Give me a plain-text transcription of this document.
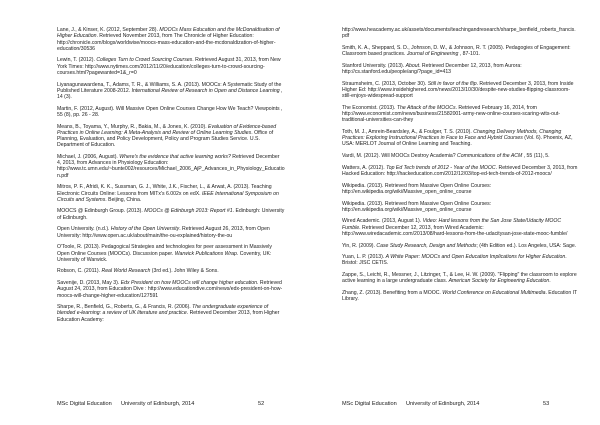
Lane, J., & Kinser, K. (2012, September 28). MOOCs Mass Education and the McDonaldisation of Higher Education. Retrieved November 2013, from The Chronicle of Higher Education: http://chronicle.com/blogs/worldwise/moocs-mass-education-and-the-mcdonaldization-of-higher-education/30536

Lewin, T. (2012). Colleges Turn to Crowd Sourcing Courses. Retrieved August 31, 2013, from New York Times: http://www.nytimes.com/2012/11/20/education/colleges-turn-to-crowd-sourcing-courses.html?pagewanted=1&_r=0

Liyanagunawardena, T., Adams, T. R., & Williams, S. A. (2013). MOOCs: A Systematic Study of the Published Literature 2008-2012. International Review of Research in Open and Distance Learning , 14 (3).

Martin, F. (2012, August). Will Massive Open Online Courses Change How We Teach? Viewpoints , 55 (8), pp. 26 - 28.

Means, B., Toyama, Y., Murphy, R., Bakia, M., & Jones, K. (2010). Evaluation of Evidence-based Practices in Online Learning: A Meta-Analysis and Review of Online Learning Studies. Office of Planning, Evaluation, and Policy Development, Policy and Program Studies Service. U.S. Department of Education.

Michael, J. (2006, August). Where's the evidence that active learning works? Retrieved December 4, 2013, from Advances in Physiology Education: http://www.tc.umn.edu/~bunte002/resources/Michael_2006_AjP_Advances_in_Physiology_Education.pdf

Mitros, P. F., Afridi, K. K., Sussman, G. J., White, J.K., Fischer, L., & Arwat, A. (2013). Teaching Electronic Circuits Online: Lessons from MITx's 6.002x on edX. IEEE International Symposium on Circuits and Systems. Beijing, China.

MOOCS @ Edinburgh Group. (2013). MOOCs @ Edinburgh 2013: Report #1. Edinburgh: University of Edinburgh.

Open University. (n.d.). History of the Open University. Retrieved August 26, 2013, from Open University: http://www.open.ac.uk/about/main/the-ou-explained/history-the-ou

O'Toole, R. (2013). Pedagogical Strategies and technologies for peer assessment in Massively Open Online Courses (MOOCs). Discussion paper. Warwick Publications Wrap. Coventry, UK: University of Warwick.

Robson, C. (2011). Real World Research (3rd ed.). John Wiley & Sons.

Savenije, D. (2013, May 3). Edx President on how MOOCs will change higher education. Retrieved August 24, 2013, from Education Dive : http://www.educationdive.com/news/edx-president-on-how-moocs-will-change-higher-education/127591

Sharpe, R., Benfield, G., Roberts, G., & Francis, R. (2006). The undergraduate experience of blended e-learning: a review of UK literature and practice. Retrieved December 2013, from Higher Education Academy:

MSc Digital Education University of Edinburgh, 2014	52

http://www.heacademy.ac.uk/assets/documents/teachingandresearch/sharpe_benfield_roberts_francis.pdf

Smith, K. A., Sheppard, S. D., Johnson, D. W., & Johnson, R. T. (2005). Pedagogies of Engagement: Classroom based practices. Journal of Engineering , 87-101.

Stanford University. (2013). About. Retrieved December 12, 2013, from Aurora: http://cs.stanford.edu/people/ang/?page_id=413

Straumsheim, C. (2013, October 30). Still in favor of the flip. Retrieved December 3, 2013, from Inside Higher Ed: http://www.insidehighered.com/news/2013/10/30/despite-new-studies-flipping-classroom-still-enjoys-widespread-support

The Economist. (2013). The Attack of the MOOCs. Retrieved February 16, 2014, from http://www.economist.com/news/business/21582001-army-new-online-courses-scaring-wits-out-traditional-universities-can-they

Toth, M. J., Amrein-Beardsley, A., & Foulger, T. S. (2010). Changing Delivery Methods, Changing Practices: Exploring Instructional Practices in Face to Face and Hybrid Courses (Vol. 6). Phoenix, AZ, USA: MERLOT Journal of Online Learning and Teaching.

Vardi, M. (2012). Will MOOCs Destroy Academia? Communications of the ACM , 55 (11), 5.

Watters, A. (2012). Top Ed Tech trends of 2012 - Year of the MOOC. Retrieved December 3, 2013, from Hacked Education: http://hackeducation.com/2012/12/03/top-ed-tech-trends-of-2012-moocs/

Wikipedia. (2013). Retrieved from Massive Open Online Courses: http://en.wikipedia.org/wiki/Massive_open_online_course

Wikipedia. (2013). Retrieved from Massive Open Online Courses: http://en.wikipedia.org/wiki/Massive_open_online_course

Wired Academic. (2013, August 1). Video: Hard lessons from the San Jose State/Udacity MOOC Fumble. Retrieved December 12, 2013, from Wired Academic: http://www.wiredacademic.com/2013/08/hard-lessons-from-the-udacitysan-jose-state-mooc-fumble/

Yin, R. (2009). Case Study Research, Design and Methods; (4th Edition ed.). Los Angeles, USA: Sage.

Yuan, L. P. (2013). A White Paper: MOOCs and Open Education Implications for Higher Education. Bristol: JISC CETIS.

Zappe, S., Leicht, R., Messner, J., Litzinger, T., & Lee, H. W. (2009). "Flipping" the classroom to explore active learning in a large undergraduate class. American Society for Engineering Education.

Zhang, Z. (2013). Benefiting from a MOOC. World Conference on Educational Multimedia. Education IT Library.

MSc Digital Education University of Edinburgh, 2014	53
